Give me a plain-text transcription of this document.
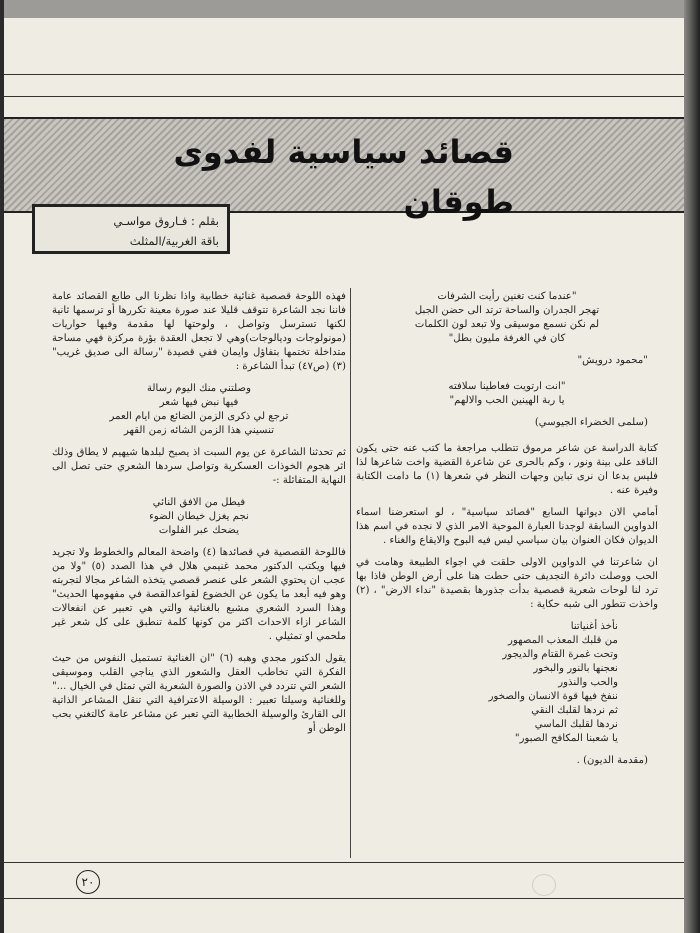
قصائد سياسية لفدوى طوقان
بقلم : فـاروق مواسـي
باقة الغربية/المثلث
"عندما كنت تغنين رأيت الشرفات
تهجر الجدران والساحة ترتد الى حضن الجبل
لم نكن نسمع موسيقى ولا تبعد لون الكلمات
كان في الغرفة مليون بطل"

"محمود درويش"

"انت ارتويت فعاطينا سلافته
يا ربة الهينين الحب والالهم"

(سلمى الخضراء الجيوسي)

كتابة الدراسة عن شاعر مرموق تتطلب مراجعة ما كتب عنه حتى يكون الناقد على بينة ونور ، وكم بالحرى عن شاعرة القضية واخت شاعرها لذا فليس بدعا ان نرى تباين وجهات النظر في شعرها (١) ما دامت الكتابة وفيرة عنه .

أمامي الان ديوانها السابع "قصائد سياسية" ، لو استعرضنا اسماء الدواوين السابقة لوجدنا العبارة الموحية الامر الذي لا نجده في اسم هذا الديوان فكان العنوان بيان سياسي ليس فيه البوح والايقاع والغناء .

ان شاعرتنا في الدواوين الاولى حلقت في اجواء الطبيعة وهامت في الحب ووصلت دائرة التجديف حتى حطت هنا على أرض الوطن فاذا بها ترد لنا لوحات شعرية قصصية بدأت جذورها بقصيدة "نداء الارض" ، (٢) واخذت تتطور الى شبه حكاية :

نأخذ أغنياتنا
من قلبك المعذب المصهور
وتحت غمرة القتام والديجور
نعجنها بالنور والبخور
والحب والنذور
ننفخ فيها قوة الانسان والصخور
ثم نردها لقلبك النقي
نردها لقلبك الماسي
يا شعبنا المكافح الصبور"

(مقدمة الديون) .

فهذه اللوحة قصصية غنائية خطابية واذا نظرنا الى طابع القصائد عامة فاننا نجد الشاعرة تتوقف قليلا عند صورة معينة تكررها أو ترسمها ثانية لكنها تسترسل وتواصل ، ولوحتها لها مقدمة وفيها حواريات (مونولوجات وديالوجات)وهي لا تجعل العقدة بؤرة مركزة فهي مساحة متداخلة تختمها بتفاؤل وايمان ففي قصيدة "رسالة الى صديق غريب" (٣) (ص٤٧) تبدأ الشاعرة :

وصلتني منك اليوم رسالة
فيها نبض فيها شعر
ترجع لي ذكرى الزمن الضائع من ايام العمر
تنسيني هذا الزمن الشائه زمن القهر

ثم تحدثنا الشاعرة عن يوم السبت اذ يصبح لبلدها شيهيم لا يطاق وذلك اثر هجوم الخوذات العسكرية وتواصل سردها الشعري حتى تصل الى النهاية المتفائلة :-

فيطل من الافق النائي
نجم يغزل خيطان الضوء
يضحك عبر الفلوات

فاللوحة القصصية في قصائدها (٤) واضحة المعالم والخطوط ولا تجريد فيها ويكتب الدكتور محمد غنيمي هلال في هذا الصدد (٥) "ولا من عجب ان يحتوي الشعر على عنصر قصصي يتخذه الشاعر مجالا لتجربته وهو فيه أبعد ما يكون عن الخضوع لقواعدالقصة في مفهومها الحديث" وهذا السرد الشعري مشبع بالغنائية والتي هي تعبير عن انفعالات الشاعر ازاء الاحداث اكثر من كونها كلمة تنطبق على كل شعر غير ملحمي او تمثيلي .

يقول الدكتور مجدي وهبه (٦) "ان الغنائية تستميل النفوس من حيث الفكرة التي تخاطب العقل والشعور الذي يناجي القلب وموسيقى الشعر التي تتردد في الاذن والصورة الشعرية التي تمثل في الخيال ..." وللغنائية وسيلتا تعبير : الوسيلة الاعترافية التي تنقل المشاعر الذاتية الى القارئ والوسيلة الخطابية التي تعبر عن مشاعر عامة كالتغني بحب الوطن أو

٢٠
